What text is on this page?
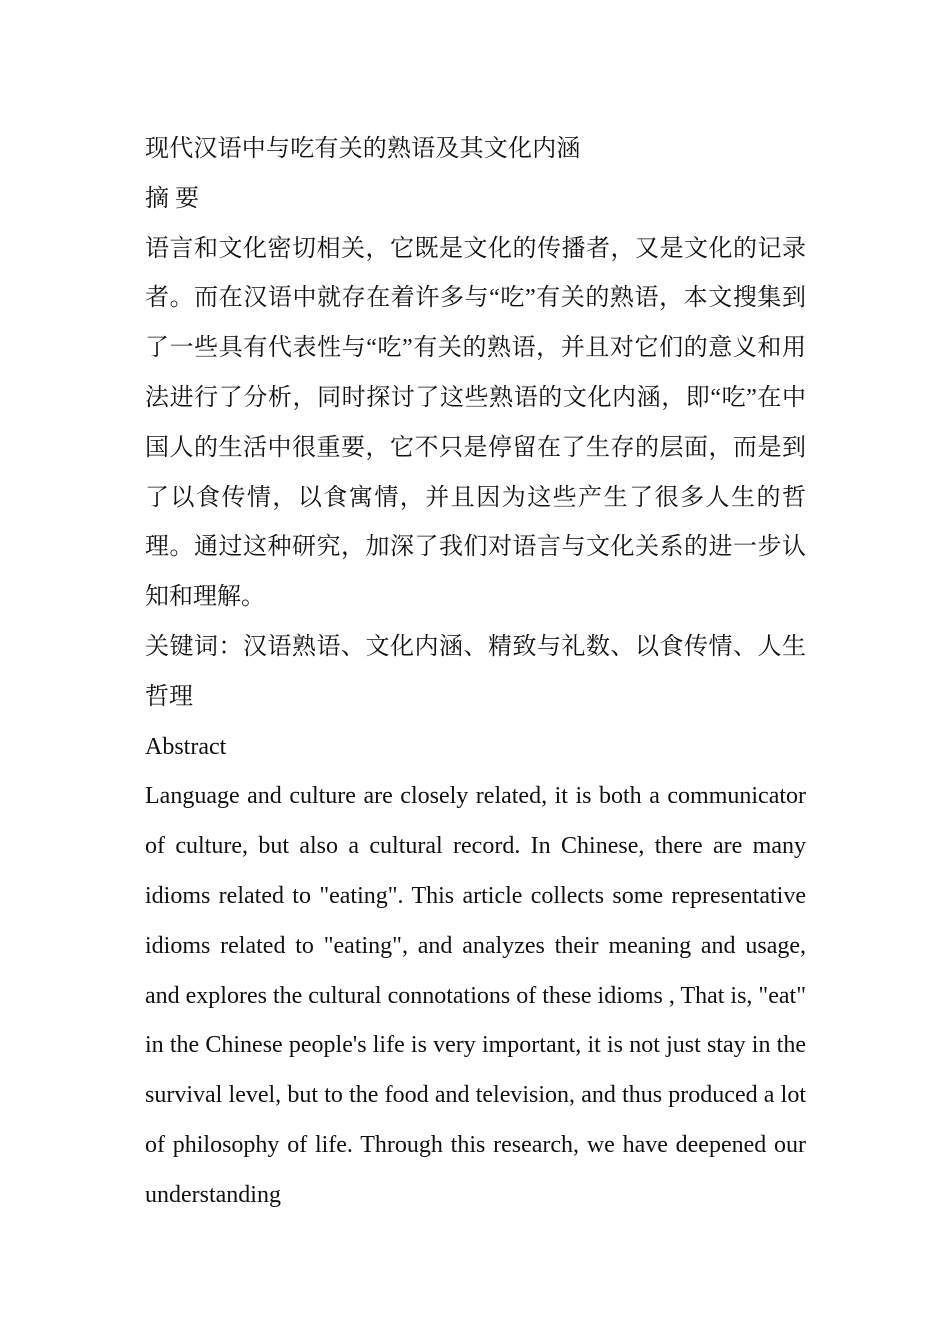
现代汉语中与吃有关的熟语及其文化内涵

摘 要

语言和文化密切相关，它既是文化的传播者，又是文化的记录者。而在汉语中就存在着许多与“吃”有关的熟语，本文搜集到了一些具有代表性与“吃”有关的熟语，并且对它们的意义和用法进行了分析，同时探讨了这些熟语的文化内涵，即“吃”在中国人的生活中很重要，它不只是停留在了生存的层面，而是到了以食传情，以食寓情，并且因为这些产生了很多人生的哲理。通过这种研究，加深了我们对语言与文化关系的进一步认知和理解。

关键词：汉语熟语、文化内涵、精致与礼数、以食传情、人生哲理

Abstract

Language and culture are closely related, it is both a communicator of culture, but also a cultural record. In Chinese, there are many idioms related to "eating". This article collects some representative idioms related to "eating", and analyzes their meaning and usage, and explores the cultural connotations of these idioms , That is, "eat" in the Chinese people's life is very important, it is not just stay in the survival level, but to the food and television, and thus produced a lot of philosophy of life. Through this research, we have deepened our understanding
